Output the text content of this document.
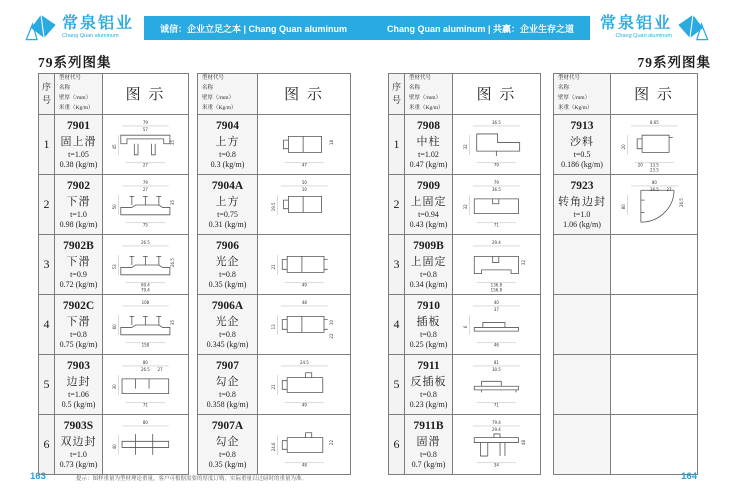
常泉铝业
Chang Quan aluminum
诚信：企业立足之本 | Chang Quan aluminum	Chang Quan aluminum | 共赢：企业生存之道 常泉铝业
Chang Quan aluminum
79系列图集	79系列图集
序
号	
型材代号
名称
壁厚（/mm）
米重（Kg/m）
	图 示
1	
7901
固上滑
t=1.05
0.38 (kg/m)

79
57
45
27
35

2	
7902
下滑
t=1.0
0.98 (kg/m)

79
27
50
35
75

3	
7902B
下滑
t=0.9
0.72 (kg/m)

26.5
53	26.5
69.4
79.4

4	
7902C
下滑
t=0.8
0.75 (kg/m)

108
60
35
158

5	
7903
边封
t=1.06
0.5 (kg/m)

80
26.5 27
30
71

6	
7903S
双边封
t=1.0
0.73 (kg/m)

80
40
型材代号
名称
壁厚（/mm）
米重（Kg/m）	图 示

7904
上方
t=0.8
0.3 (kg/m)	47
18

7904A
上方
t=0.75
0.31 (kg/m)

50
19.5
10

7906
光企
t=0.8
0.35 (kg/m)

21
49

7906A
光企
t=0.8
0.345 (kg/m)

48
13
10
22

7907
勾企
t=0.8
0.358 (kg/m)

24.5
21
49

7907A
勾企
t=0.8
0.35 (kg/m)

24.6
48
22
序
号	
型材代号
名称
壁厚（/mm）
米重（Kg/m）
	图 示
1	
7908
中柱
t=1.02
0.47 (kg/m)

36.5
32
79

2	
7909
上固定
t=0.94
0.43 (kg/m)

79
36.5
32
71

3	
7909B
上固定
t=0.8
0.34 (kg/m)

29.4
32
136.8
156.8

4	
7910
插板
t=0.8
0.25 (kg/m)

40
37
6
46

5	
7911
反插板
t=0.8
0.23 (kg/m)

81
30.5
71

6	
7911B
固滑
t=0.8
0.7 (kg/m)

79.4
29.4
48
34
型材代号
名称
壁厚（/mm）
米重（Kg/m）	图 示

7913
沙料
t=0.5
0.186 (kg/m)

8.65
20
20 13.5
23.5

7923
转角边封
t=1.0
1.06 (kg/m)

80
26.5 27
26.5
80

163	提示：图样重量为型材理论重量，客户可根据需要的厚度订购，实际重量以过磅时的重量为准。	164
